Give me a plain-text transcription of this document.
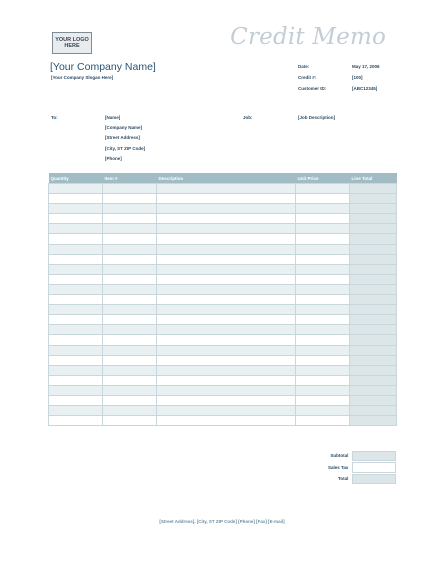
YOUR LOGO HERE	Credit Memo
[Your Company Name]
[Your Company Slogan Here]
Date:	May 17, 2006
Credit #:	[100]
Customer ID:	[ABC12345]
To:	[Name]
[Company Name]
[Street Address]
[City, ST ZIP Code]
[Phone]
Job:	[Job Description]
Quantity	Item #	Description	Unit Price	Line Total

Subtotal
Sales Tax
Total
[Street Address], [City, ST ZIP Code] [Phone] [Fax] [E-mail]
